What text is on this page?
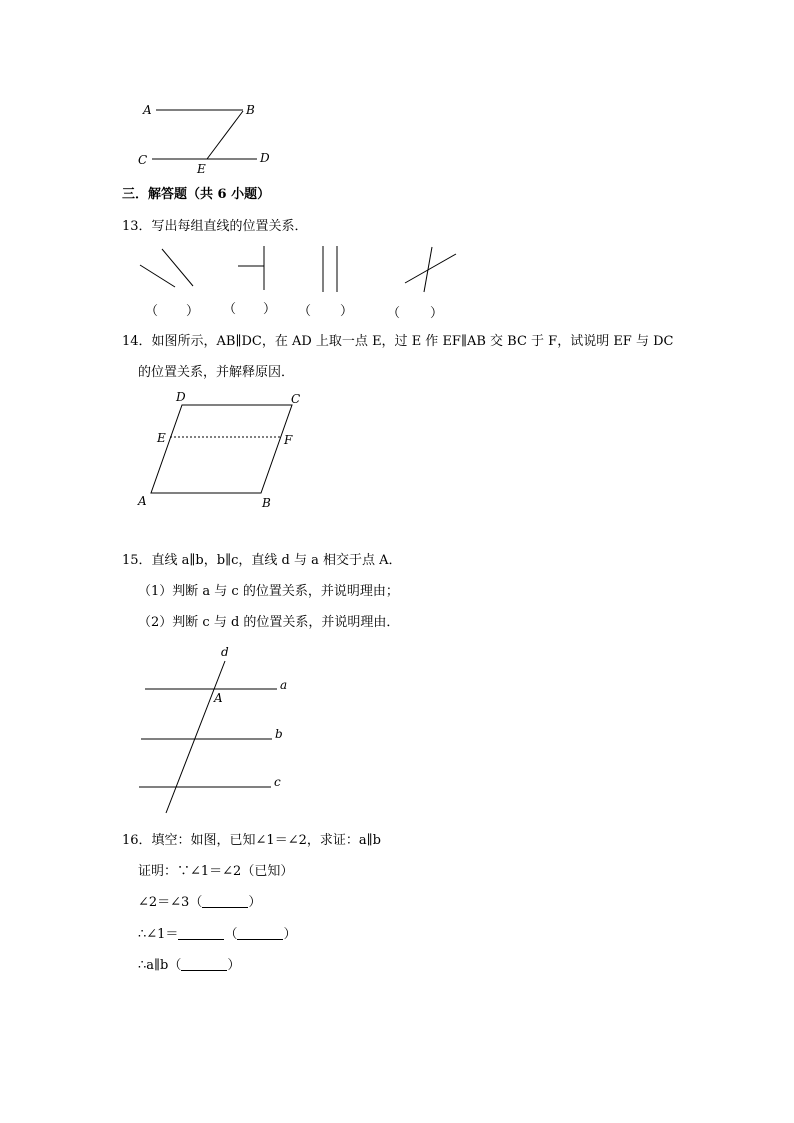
A	B
C	D
E
三．解答题（共 6 小题）
13．写出每组直线的位置关系．
（ ） （ ） （ ）	（ ）
14．如图所示，AB∥DC，在 AD 上取一点 E，过 E 作 EF∥AB 交 BC 于 F，试说明 EF 与 DC
的位置关系，并解释原因．
D	C
E	F
A	B
15．直线 a∥b，b∥c，直线 d 与 a 相交于点 A．
（1）判断 a 与 c 的位置关系，并说明理由；
（2）判断 c 与 d 的位置关系，并说明理由．
d
a
A
b
c
16．填空：如图，已知∠1＝∠2，求证：a∥b
证明：∵∠1＝∠2（已知）
∠2＝∠3（	）
∴∠1＝	（	）
∴a∥b（	）
